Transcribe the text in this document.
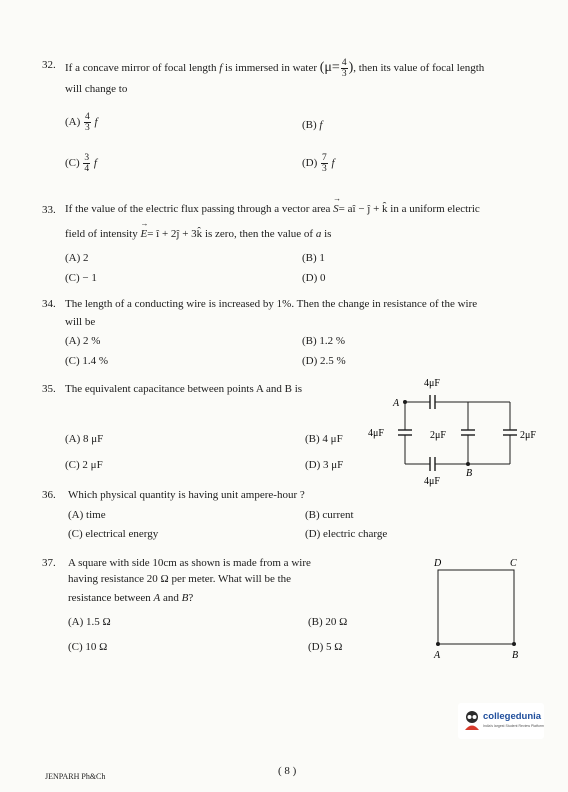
32. If a concave mirror of focal length f is immersed in water ($\mu= \frac{4}{3}$ ), then its value of focal length
will change to
$(A) \frac{4}{3}$ f	(B) f
$(C) \frac{3}{4}$ f	$(D) \frac{7}{3}$ f
33. If the value of the electric flux passing through a vector area → S= aî − ĵ + k̂ in a uniform electric
field of intensity → E= î + 2ĵ + 3k̂ is zero, then the value of a is
(A) 2	(B) 1
(C) − 1	(D) 0
34. The length of a conducting wire is increased by 1%. Then the change in resistance of the wire
will be
(A) 2 %	(B) 1.2 %
(C) 1.4 %	(D) 2.5 %
35. The equivalent capacitance between points A and B is
(A) 8 μF	(B) 4 μF
(C) 2 μF	(D) 3 μF
4μF
A
4μF	2μF	2μF
B
4μF
36. Which physical quantity is having unit ampere-hour ?
(A) time	(B) current
(C) electrical energy	(D) electric charge
37. A square with side 10cm as shown is made from a wire
having resistance 20 Ω per meter. What will be the
resistance between A and B?
(A) 1.5 Ω	(B) 20 Ω
(C) 10 Ω	(D) 5 Ω
D	C
A	B
collegedunia
India's largest Student Review Platform
JENPARH Ph&Ch	( 8 )
